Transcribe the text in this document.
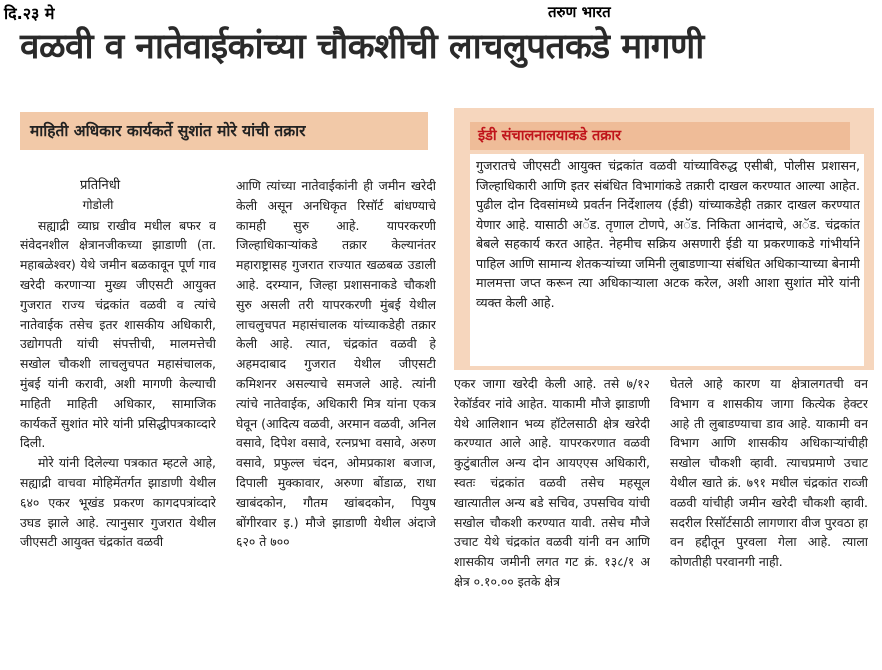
दि.२३ मे	तरुण भारत
वळवी व नातेवाईकांच्या चौकशीची लाचलुपतकडे मागणी
माहिती अधिकार कार्यकर्ते सुशांत मोरे यांची तक्रार	ईडी संचालनालयाकडे तक्रार

गुजरातचे जीएसटी आयुक्त चंद्रकांत वळवी यांच्याविरुद्ध एसीबी, पोलीस प्रशासन, जिल्हाधिकारी आणि इतर संबंधित विभागांकडे तक्रारी दाखल करण्यात आल्या आहेत. पुढील दोन दिवसांमध्ये प्रवर्तन निर्देशालय (ईडी) यांच्याकडेही तक्रार दाखल करण्यात येणार आहे. यासाठी अॅड. तृणाल टोणपे, अॅड. निकिता आनंदाचे, अॅड. चंद्रकांत बेबले सहकार्य करत आहेत. नेहमीच सक्रिय असणारी ईडी या प्रकरणाकडे गांभीर्याने पाहिल आणि सामान्य शेतकऱ्यांच्या जमिनी लुबाडणाऱ्या संबंधित अधिकाऱ्याच्या बेनामी मालमत्ता जप्त करून त्या अधिकाऱ्याला अटक करेल, अशी आशा सुशांत मोरे यांनी व्यक्त केली आहे.

प्रतिनिधी

गोडोली

सह्याद्री व्याघ्र राखीव मधील बफर व संवेदनशील क्षेत्रानजीकच्या झाडाणी (ता. महाबळेश्वर) येथे जमीन बळकावून पूर्ण गाव खरेदी करणाऱ्या मुख्य जीएसटी आयुक्त गुजरात राज्य चंद्रकांत वळवी व त्यांचे नातेवाईक तसेच इतर शासकीय अधिकारी, उद्योगपती यांची संपत्तीची, मालमत्तेची सखोल चौकशी लाचलुचपत महासंचालक, मुंबई यांनी करावी, अशी मागणी केल्याची माहिती माहिती अधिकार, सामाजिक कार्यकर्ते सुशांत मोरे यांनी प्रसिद्धीपत्रकाव्दारे दिली.

मोरे यांनी दिलेल्या पत्रकात म्हटले आहे, सह्याद्री वाचवा मोहिमेंतर्गत झाडाणी येथील ६४० एकर भूखंड प्रकरण कागदपत्रांव्दारे उघड झाले आहे. त्यानुसार गुजरात येथील जीएसटी आयुक्त चंद्रकांत वळवी

आणि त्यांच्या नातेवाईकांनी ही जमीन खरेदी केली असून अनधिकृत रिसॉर्ट बांधण्याचे कामही सुरु आहे. यापरकरणी जिल्हाधिकाऱ्यांकडे तक्रार केल्यानंतर महाराष्ट्रासह गुजरात राज्यात खळबळ उडाली आहे. दरम्यान, जिल्हा प्रशासनाकडे चौकशी सुरु असली तरी यापरकरणी मुंबई येथील लाचलुचपत महासंचालक यांच्याकडेही तक्रार केली आहे. त्यात, चंद्रकांत वळवी हे अहमदाबाद गुजरात येथील जीएसटी कमिशनर असल्याचे समजले आहे. त्यांनी त्यांचे नातेवाईक, अधिकारी मित्र यांना एकत्र घेवून (आदित्य वळवी, अरमान वळवी, अनिल वसावे, दिपेश वसावे, रत्नप्रभा वसावे, अरुण वसावे, प्रफुल्ल चंदन, ओमप्रकाश बजाज, दिपाली मुक्कावार, अरुणा बोंडाळ, राधा खाबंदकोन, गौतम खांबदकोन, पियुष बोंगीरवार इ.) मौजे झाडाणी येथील अंदाजे ६२० ते ७००

एकर जागा खरेदी केली आहे. तसे ७/१२ रेकॉर्डवर नांवे आहेत. याकामी मौजे झाडाणी येथे आलिशान भव्य हॉटेलसाठी क्षेत्र खरेदी करण्यात आले आहे. यापरकरणात वळवी कुटुंबातील अन्य दोन आयएएस अधिकारी, स्वतः चंद्रकांत वळवी तसेच महसूल खात्यातील अन्य बडे सचिव, उपसचिव यांची सखोल चौकशी करण्यात यावी. तसेच मौजे उचाट येथे चंद्रकांत वळवी यांनी वन आणि शासकीय जमीनी लगत गट क्रं. १३८/१ अ क्षेत्र ०.१०.०० इतके क्षेत्र

घेतले आहे कारण या क्षेत्रालगतची वन विभाग व शासकीय जागा कित्येक हेक्टर आहे ती लुबाडण्याचा डाव आहे. याकामी वन विभाग आणि शासकीय अधिकाऱ्यांचीही सखोल चौकशी व्हावी. त्याचप्रमाणे उचाट येथील खाते क्रं. ७९१ मधील चंद्रकांत राव्जी वळवी यांचीही जमीन खरेदी चौकशी व्हावी. सदरील रिसॉर्टसाठी लागणारा वीज पुरवठा हा वन हद्दीतून पुरवला गेला आहे. त्याला कोणतीही परवानगी नाही.
